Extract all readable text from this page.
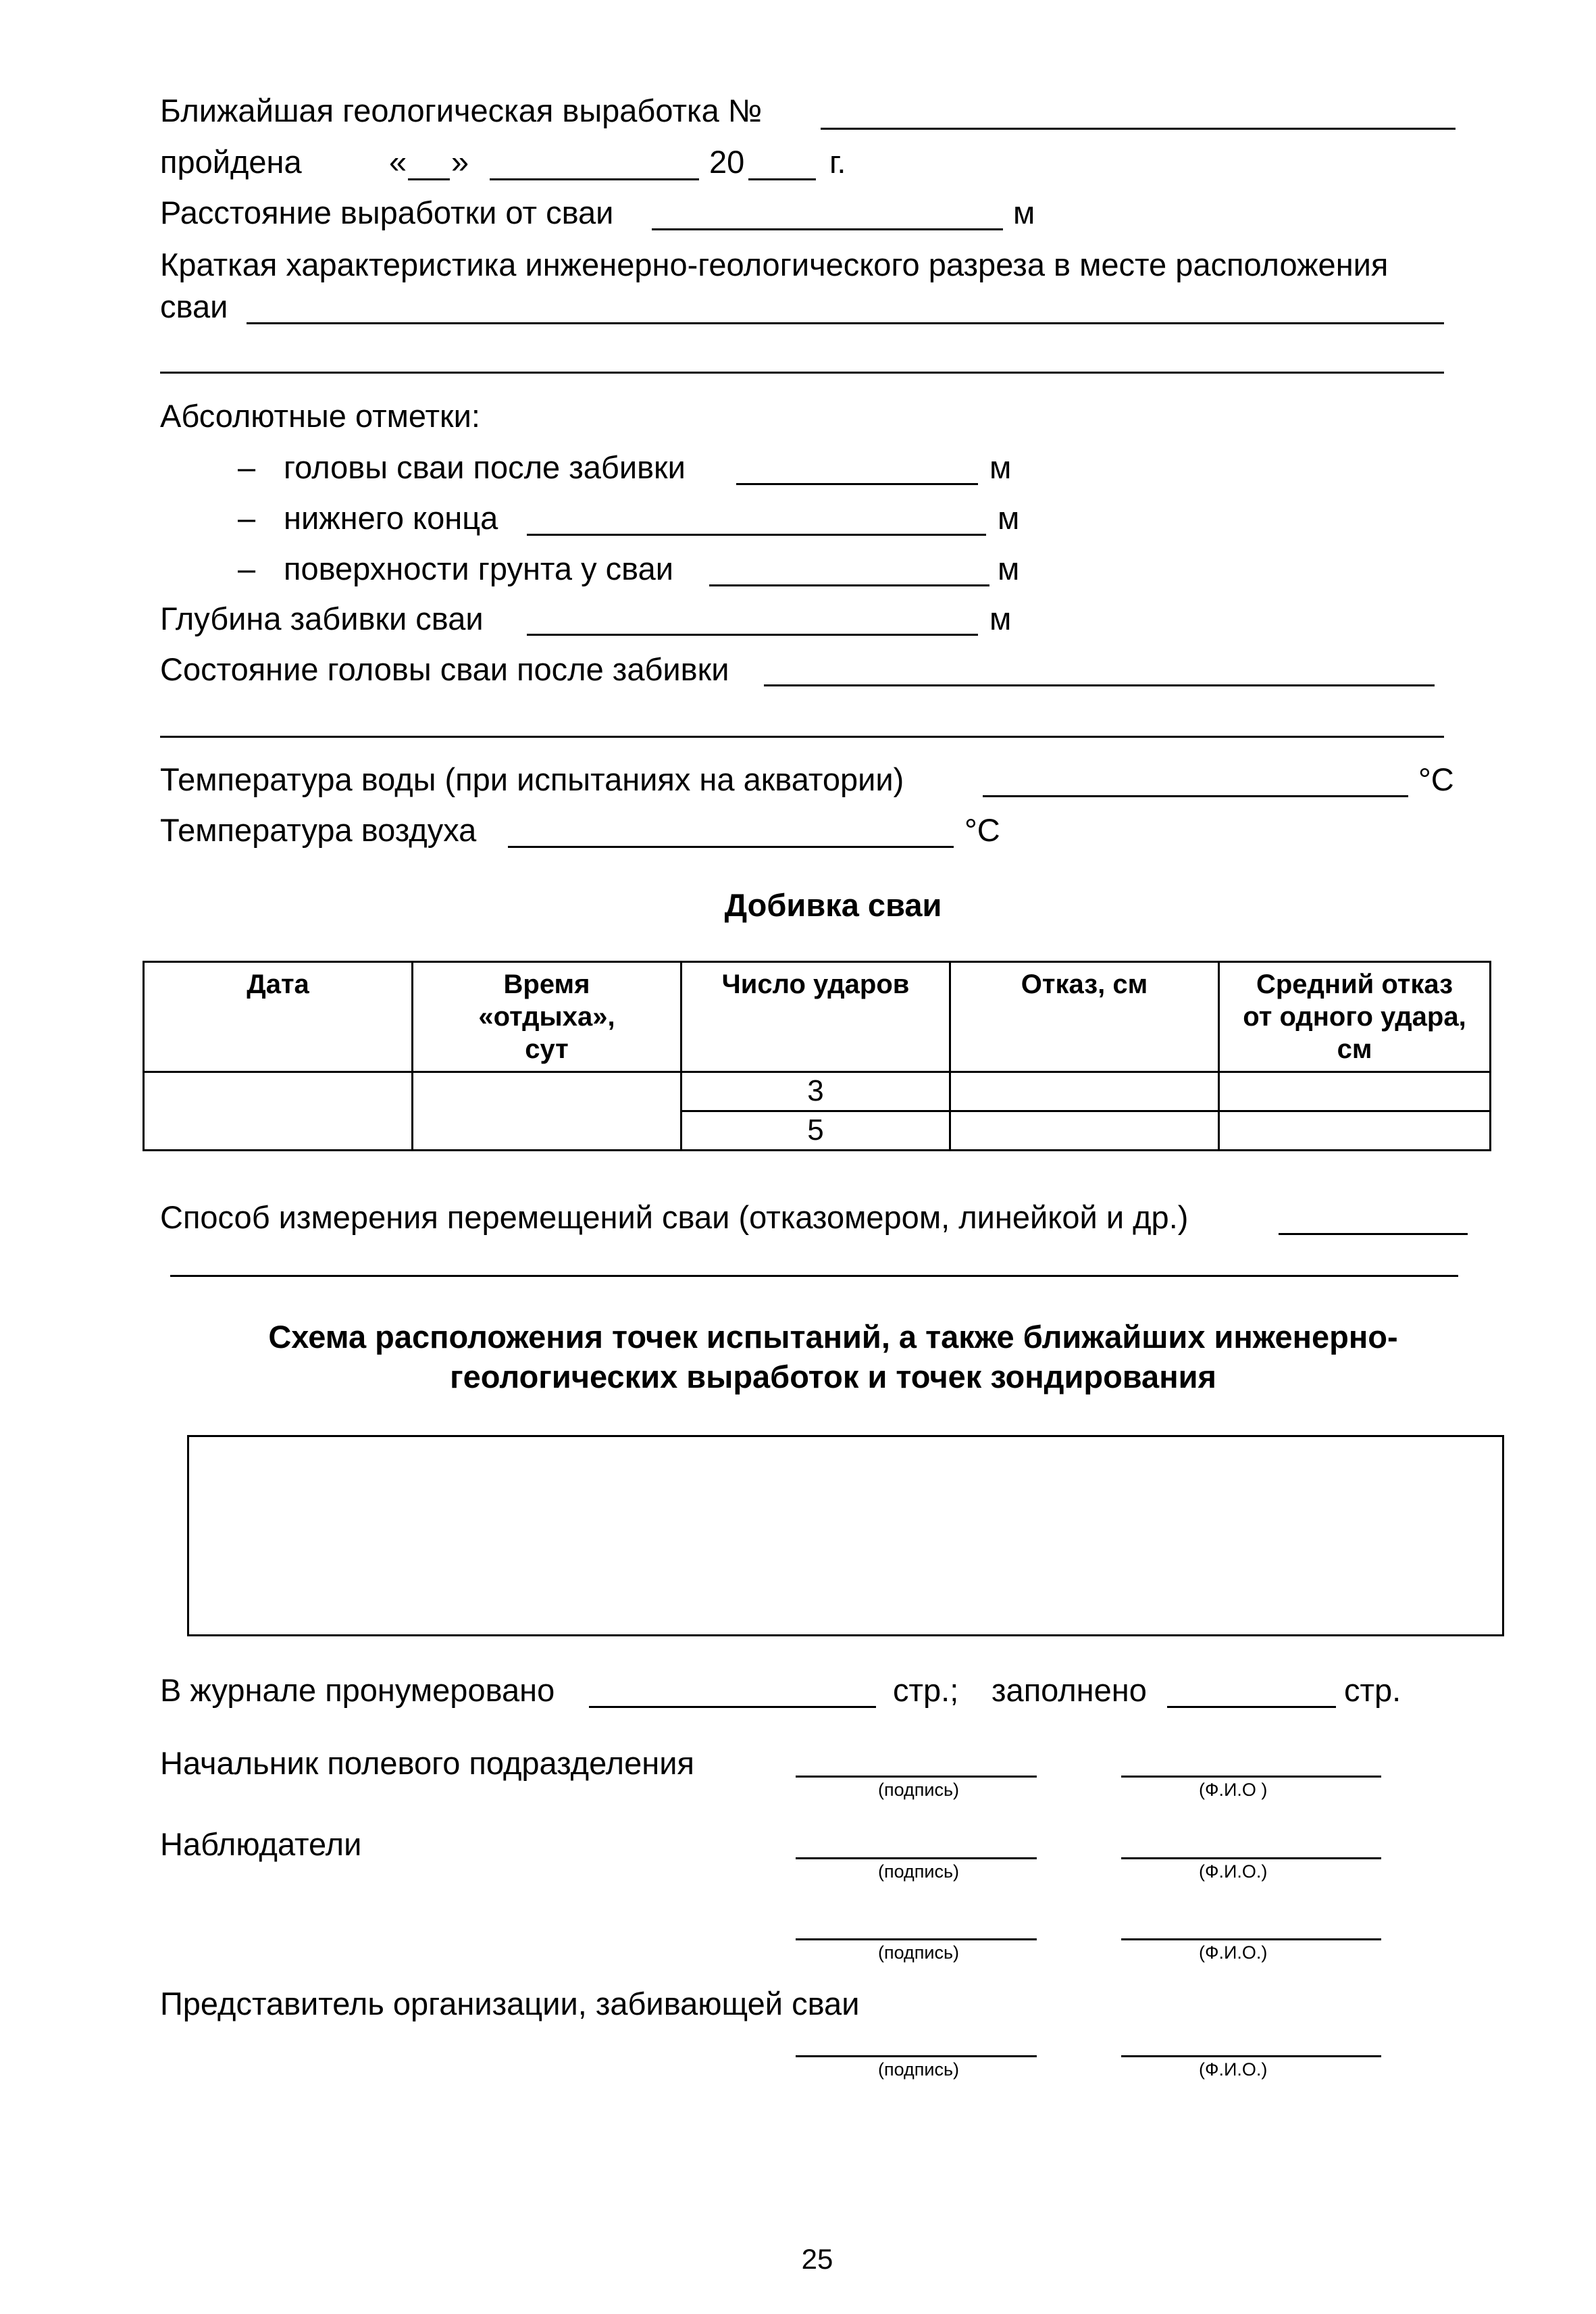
Ближайшая геологическая выработка №
пройдена	« »	20	г.
Расстояние выработки от сваи	м
Краткая характеристика инженерно-геологического разреза в месте расположения
сваи
Абсолютные отметки:
– головы сваи после забивки	м
– нижнего конца	м
– поверхности грунта у сваи	м
Глубина забивки сваи	м
Состояние головы сваи после забивки
Температура воды (при испытаниях на акватории)	°С
Температура воздуха	°С
Добивка сваи
Дата	Время «отдыха», сут	Число ударов	Отказ, см	Средний отказ от одного удара, см

		3		
		5		
Способ измерения перемещений сваи (отказомером, линейкой и др.)
Схема расположения точек испытаний, а также ближайших инженерно-
геологических выработок и точек зондирования
В журнале пронумеровано	стр.; заполнено	стр.
Начальник полевого подразделения
(подпись)	(Ф.И.О )
Наблюдатели
(подпись)	(Ф.И.О.)
(подпись)	(Ф.И.О.)
Представитель организации, забивающей сваи
(подпись)	(Ф.И.О.)
25
